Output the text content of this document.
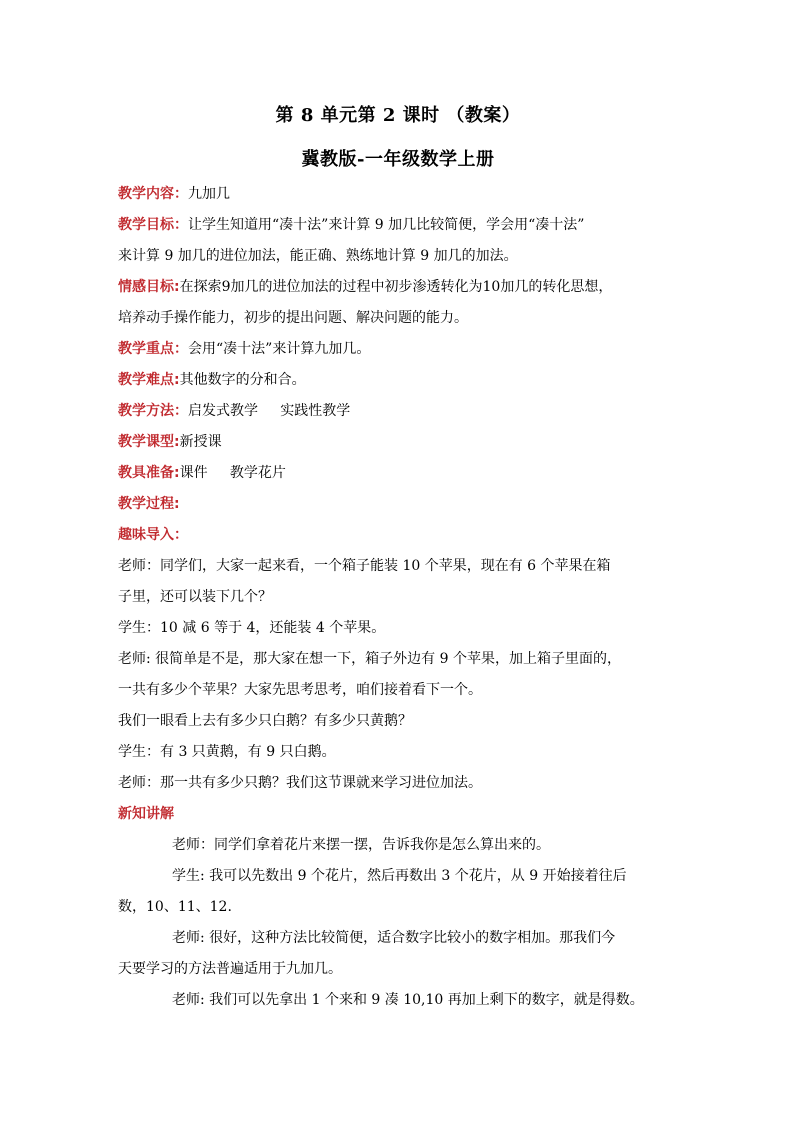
第 8 单元第 2 课时 （教案）
冀教版-一年级数学上册
教学内容：九加几
教学目标：让学生知道用“凑十法”来计算 9 加几比较简便，学会用“凑十法”
来计算 9 加几的进位加法，能正确、熟练地计算 9 加几的加法。
情感目标:在探索9加几的进位加法的过程中初步渗透转化为10加几的转化思想，
培养动手操作能力，初步的提出问题、解决问题的能力。
教学重点：会用“凑十法”来计算九加几。
教学难点:其他数字的分和合。
教学方法：启发式教学     实践性教学
教学课型:新授课
教具准备:课件     教学花片
教学过程:
趣味导入：
老师：同学们，大家一起来看，一个箱子能装 10 个苹果，现在有 6 个苹果在箱
子里，还可以装下几个？
学生：10 减 6 等于 4，还能装 4 个苹果。
老师: 很简单是不是，那大家在想一下，箱子外边有 9 个苹果，加上箱子里面的，
一共有多少个苹果？大家先思考思考，咱们接着看下一个。
我们一眼看上去有多少只白鹅？有多少只黄鹅？
学生：有 3 只黄鹅，有 9 只白鹅。
老师：那一共有多少只鹅？我们这节课就来学习进位加法。
新知讲解
老师：同学们拿着花片来摆一摆，告诉我你是怎么算出来的。
学生: 我可以先数出 9 个花片，然后再数出 3 个花片，从 9 开始接着往后
数，10、11、12.
老师: 很好，这种方法比较简便，适合数字比较小的数字相加。那我们今
天要学习的方法普遍适用于九加几。
老师: 我们可以先拿出 1 个来和 9 凑 10,10 再加上剩下的数字，就是得数。
